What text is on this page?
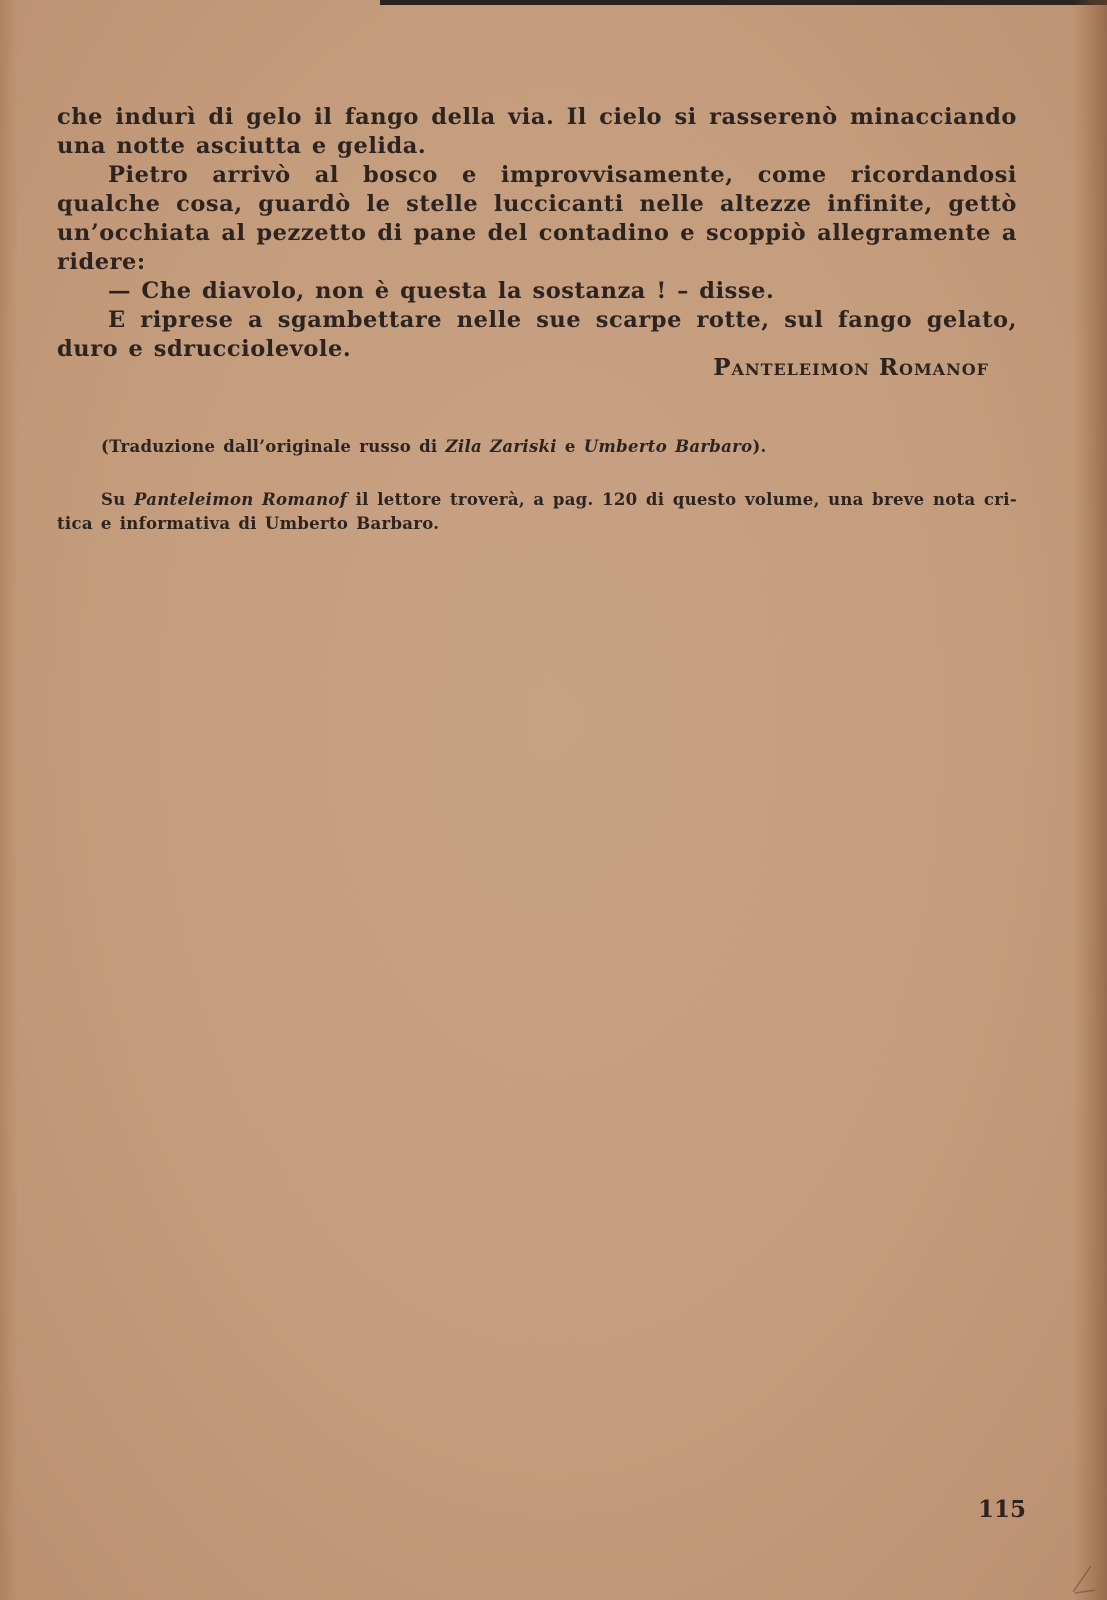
che indurì di gelo il fango della via. Il cielo si rasserenò minacciando una notte asciutta e gelida.

Pietro arrivò al bosco e improvvisamente, come ricordandosi qualche cosa, guardò le stelle luccicanti nelle altezze infinite, gettò un’occhiata al pezzetto di pane del contadino e scoppiò allegramente a ridere:

— Che diavolo, non è questa la sostanza ! – disse.

E riprese a sgambettare nelle sue scarpe rotte, sul fango gelato, duro e sdrucciolevole.

Panteleimon Romanof
(Traduzione dall’originale russo di Zila Zariski e Umberto Barbaro).
Su Panteleimon Romanof il lettore troverà, a pag. 120 di questo volume, una breve nota cri-
tica e informativa di Umberto Barbaro.
115
